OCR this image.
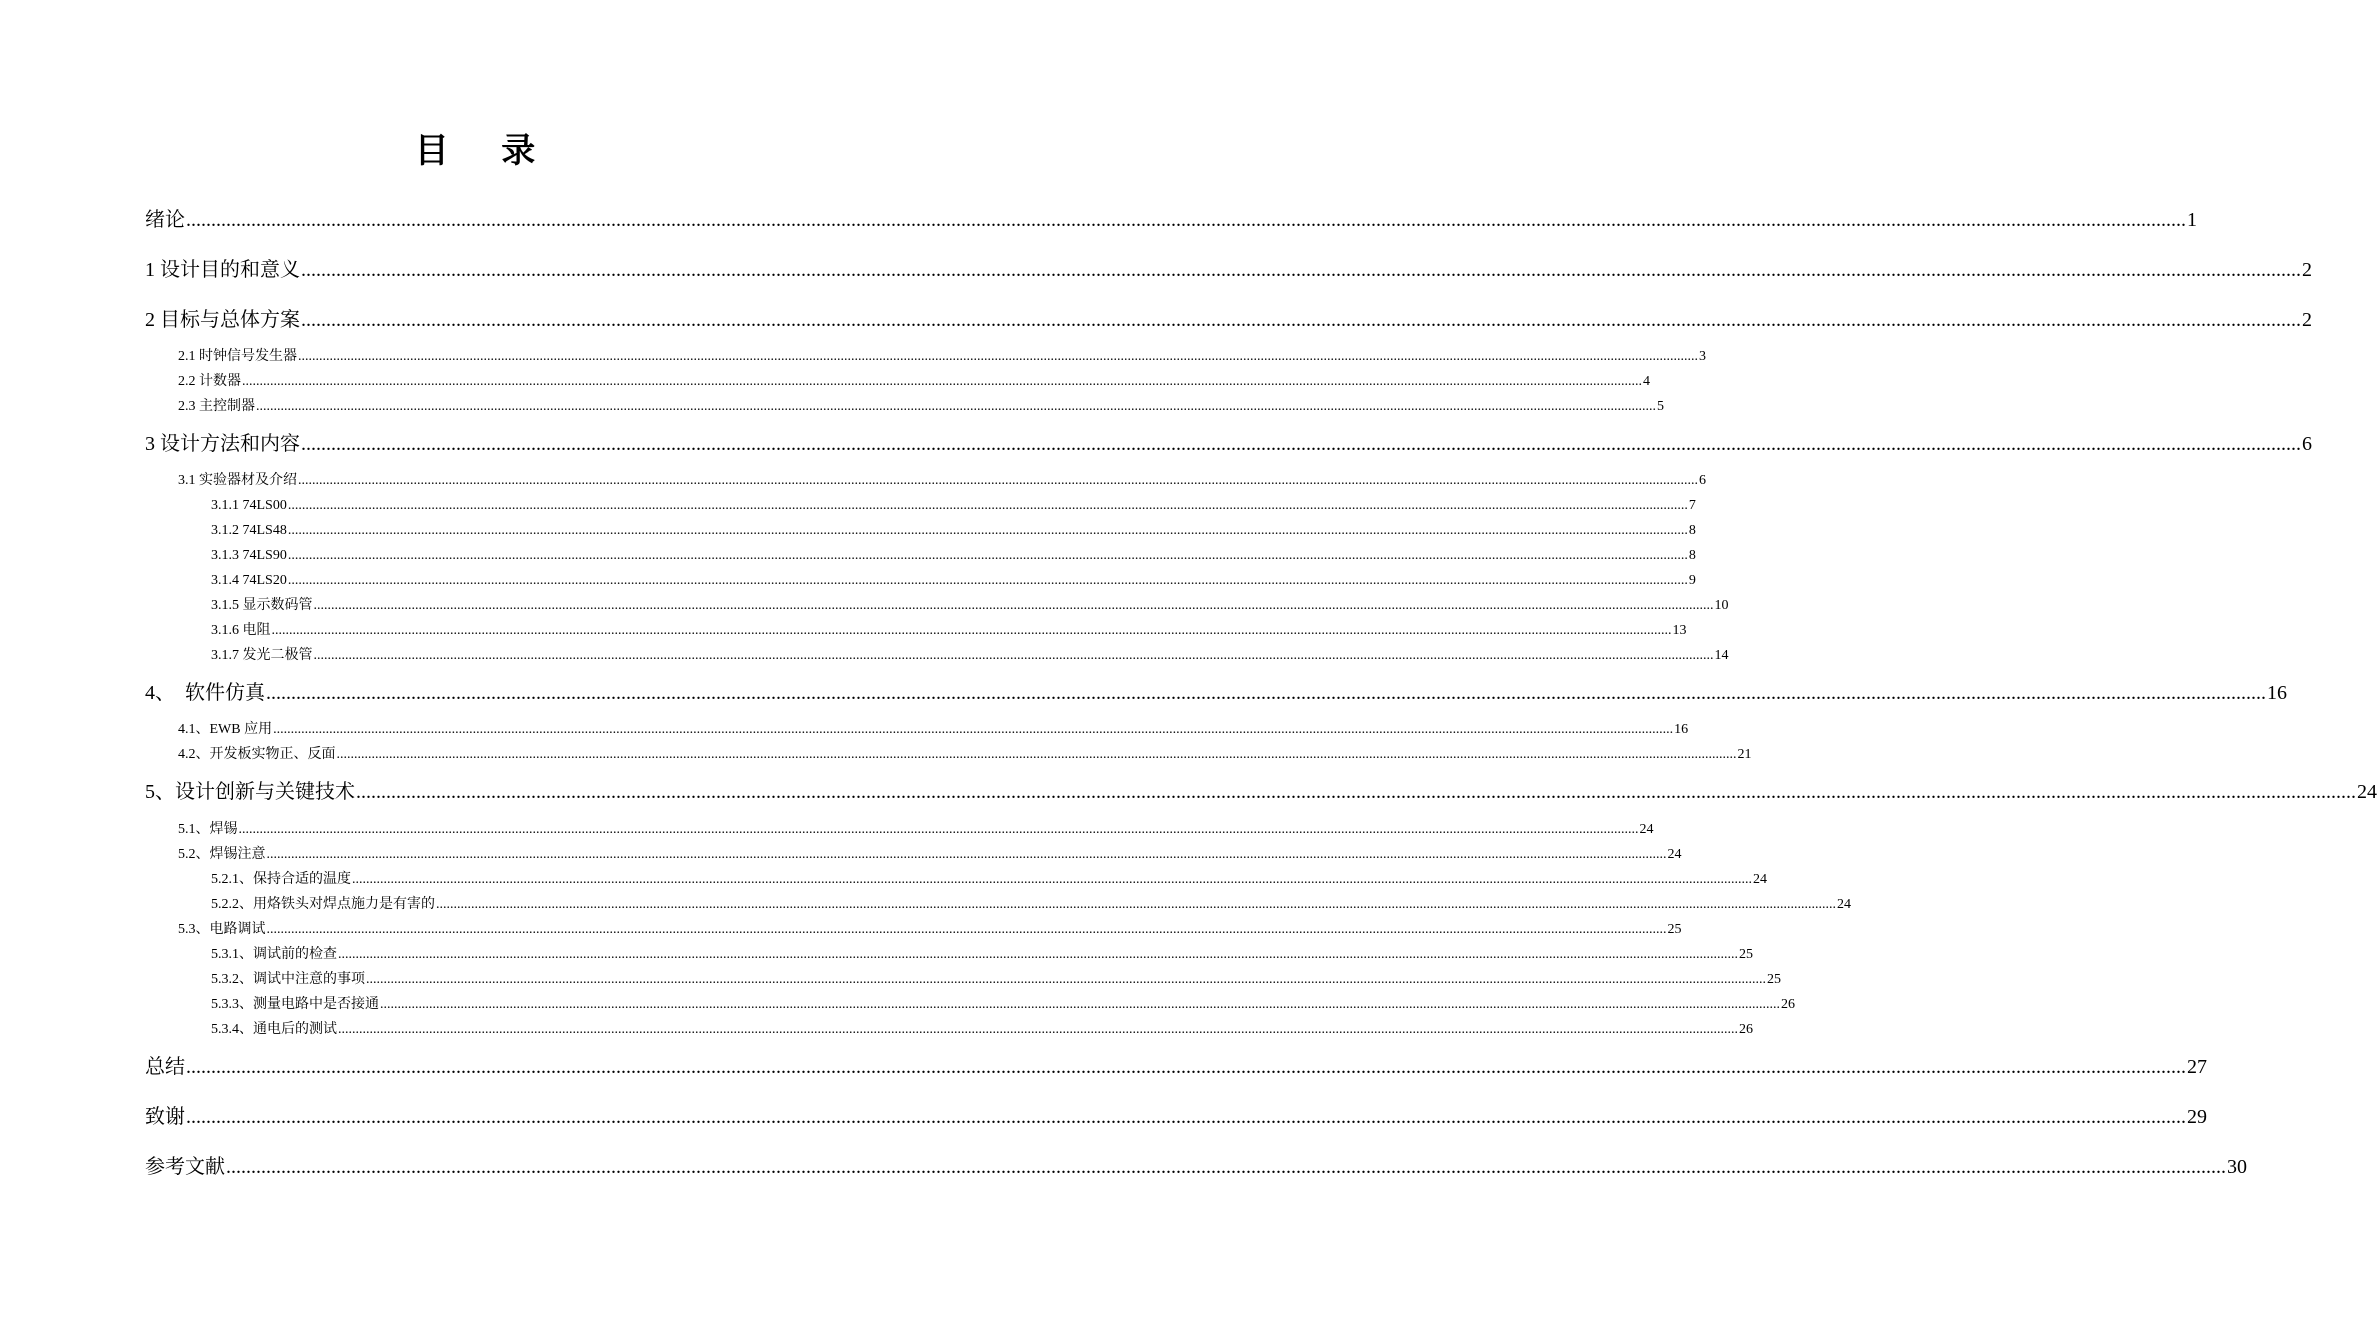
目 录
绪论 ................................................................................................................................................................................................................................................................................................................................................................................................................ 1
1 设计目的和意义 ................................................................................................................................................................................................................................................................................................................................................................................................................ 2
2 目标与总体方案 ................................................................................................................................................................................................................................................................................................................................................................................................................ 2
2.1 时钟信号发生器 ................................................................................................................................................................................................................................................................................................................................................................................................................ 3
2.2 计数器 ................................................................................................................................................................................................................................................................................................................................................................................................................ 4
2.3 主控制器 ................................................................................................................................................................................................................................................................................................................................................................................................................ 5
3 设计方法和内容 ................................................................................................................................................................................................................................................................................................................................................................................................................ 6
3.1 实验器材及介绍 ................................................................................................................................................................................................................................................................................................................................................................................................................ 6
3.1.1 74LS00 ................................................................................................................................................................................................................................................................................................................................................................................................................ 7
3.1.2 74LS48 ................................................................................................................................................................................................................................................................................................................................................................................................................ 8
3.1.3 74LS90 ................................................................................................................................................................................................................................................................................................................................................................................................................ 8
3.1.4 74LS20 ................................................................................................................................................................................................................................................................................................................................................................................................................ 9
3.1.5 显示数码管 ................................................................................................................................................................................................................................................................................................................................................................................................................ 10
3.1.6 电阻 ................................................................................................................................................................................................................................................................................................................................................................................................................ 13
3.1.7 发光二极管 ................................................................................................................................................................................................................................................................................................................................................................................................................ 14
4、  软件仿真 ................................................................................................................................................................................................................................................................................................................................................................................................................ 16
4.1、EWB 应用 ................................................................................................................................................................................................................................................................................................................................................................................................................ 16
4.2、开发板实物正、反面 ................................................................................................................................................................................................................................................................................................................................................................................................................ 21
5、设计创新与关键技术 ................................................................................................................................................................................................................................................................................................................................................................................................................ 24
5.1、焊锡 ................................................................................................................................................................................................................................................................................................................................................................................................................ 24
5.2、焊锡注意 ................................................................................................................................................................................................................................................................................................................................................................................................................ 24
5.2.1、保持合适的温度 ................................................................................................................................................................................................................................................................................................................................................................................................................ 24
5.2.2、用烙铁头对焊点施力是有害的 ................................................................................................................................................................................................................................................................................................................................................................................................................ 24
5.3、电路调试 ................................................................................................................................................................................................................................................................................................................................................................................................................ 25
5.3.1、调试前的检查 ................................................................................................................................................................................................................................................................................................................................................................................................................ 25
5.3.2、调试中注意的事项 ................................................................................................................................................................................................................................................................................................................................................................................................................ 25
5.3.3、测量电路中是否接通 ................................................................................................................................................................................................................................................................................................................................................................................................................ 26
5.3.4、通电后的测试 ................................................................................................................................................................................................................................................................................................................................................................................................................ 26
总结 ................................................................................................................................................................................................................................................................................................................................................................................................................ 27
致谢 ................................................................................................................................................................................................................................................................................................................................................................................................................ 29
参考文献 ................................................................................................................................................................................................................................................................................................................................................................................................................ 30
